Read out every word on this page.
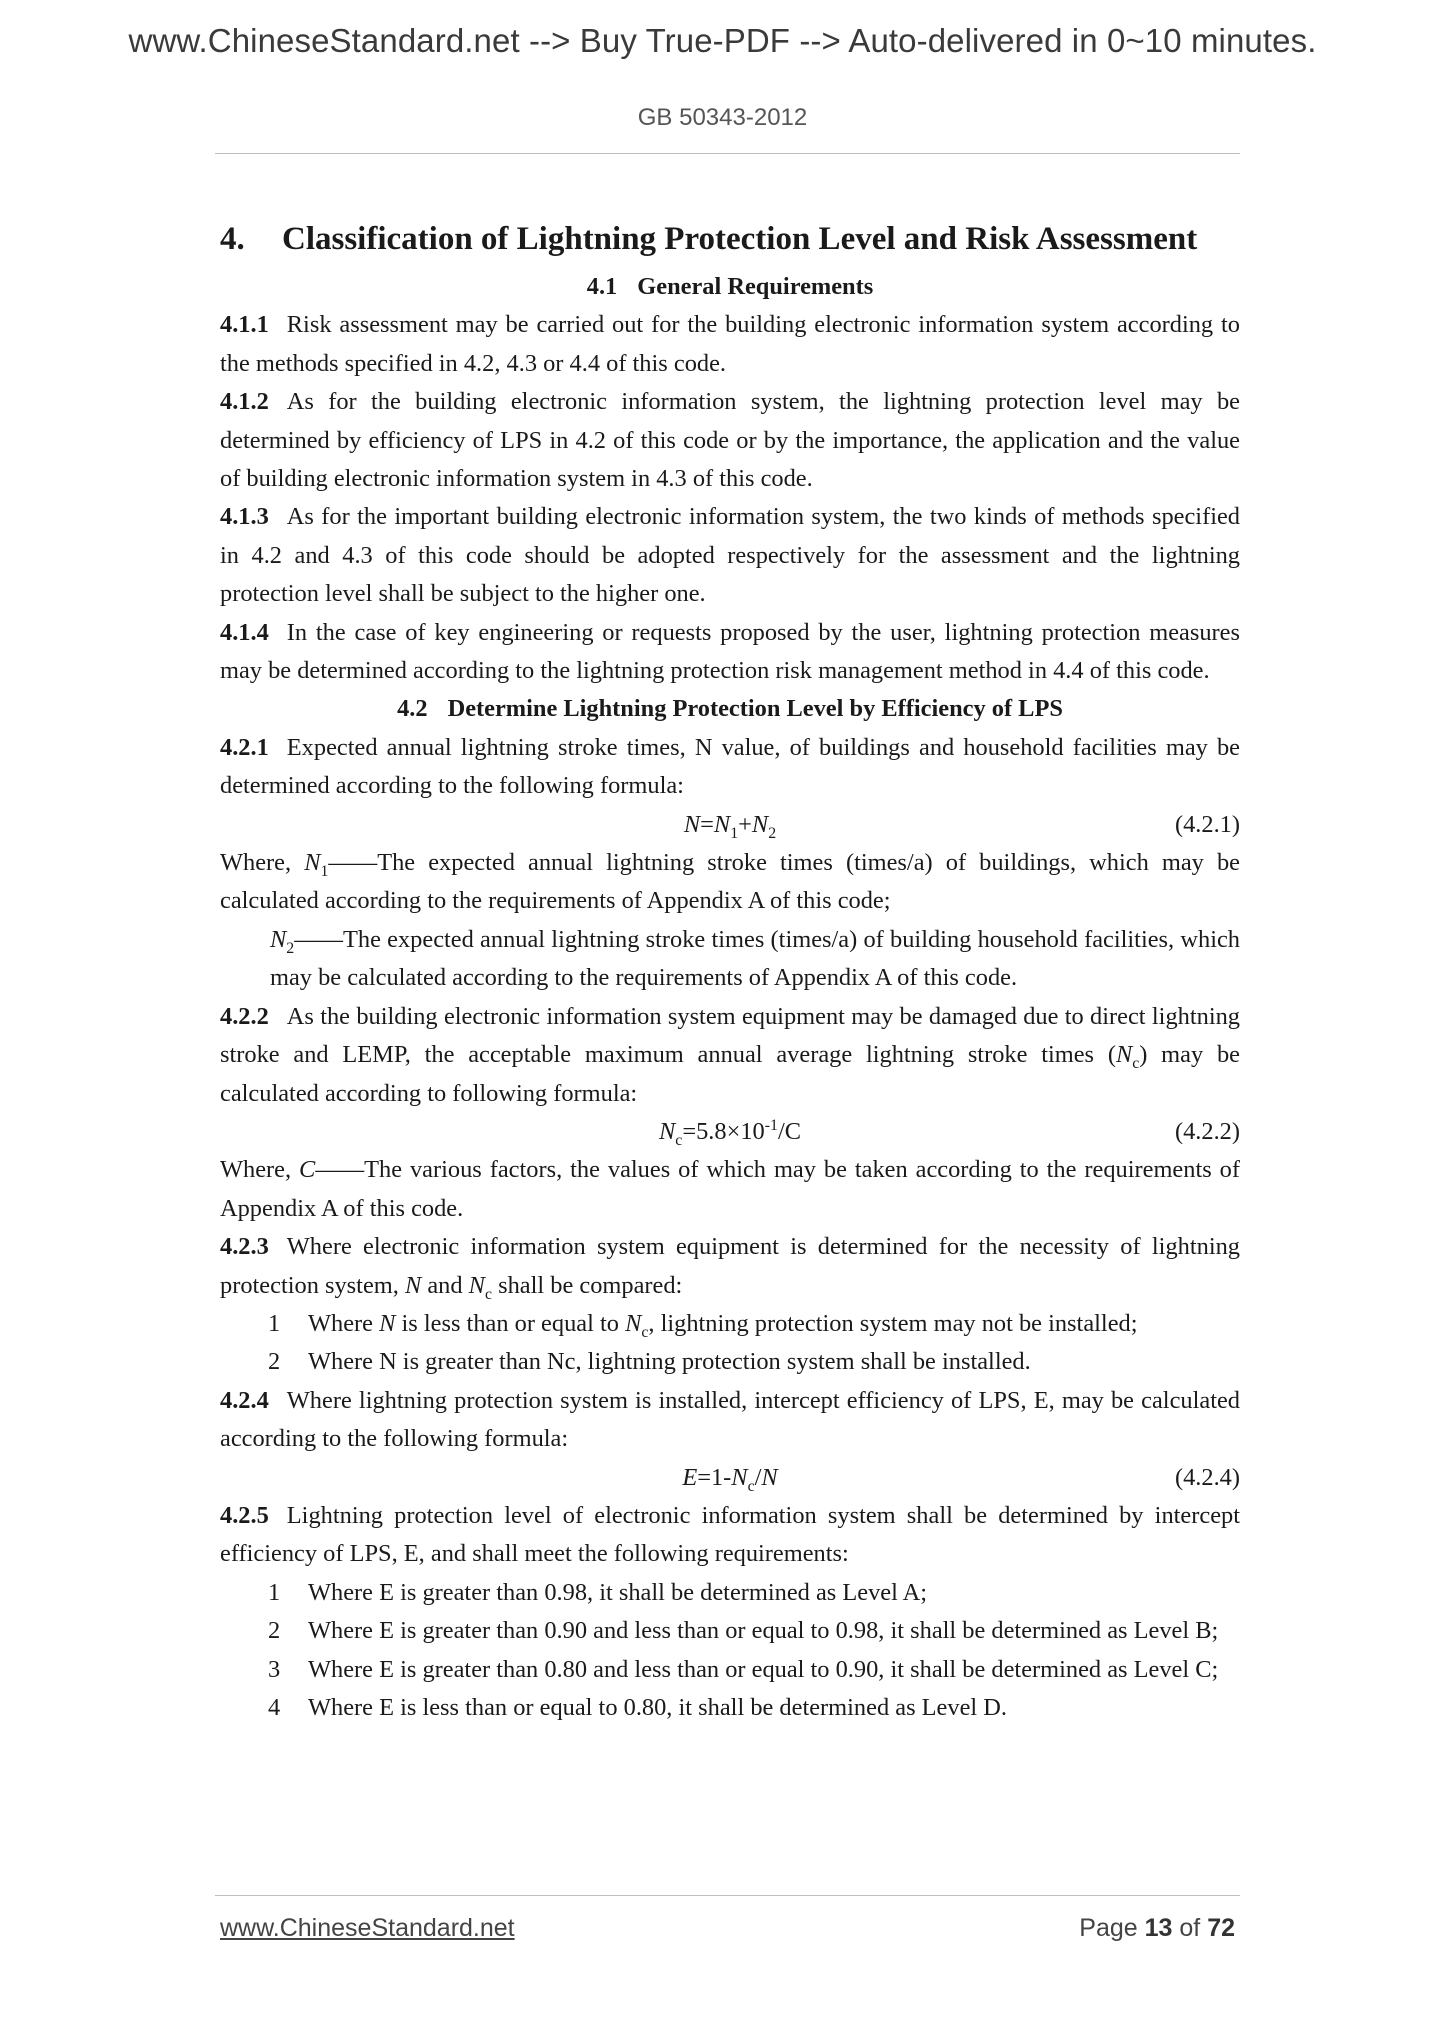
www.ChineseStandard.net --> Buy True-PDF --> Auto-delivered in 0~10 minutes.
GB 50343-2012

4. Classification of Lightning Protection Level and Risk Assessment

4.1 General Requirements

4.1.1 Risk assessment may be carried out for the building electronic information system according to the methods specified in 4.2, 4.3 or 4.4 of this code.

4.1.2 As for the building electronic information system, the lightning protection level may be determined by efficiency of LPS in 4.2 of this code or by the importance, the application and the value of building electronic information system in 4.3 of this code.

4.1.3 As for the important building electronic information system, the two kinds of methods specified in 4.2 and 4.3 of this code should be adopted respectively for the assessment and the lightning protection level shall be subject to the higher one.

4.1.4 In the case of key engineering or requests proposed by the user, lightning protection measures may be determined according to the lightning protection risk management method in 4.4 of this code.

4.2 Determine Lightning Protection Level by Efficiency of LPS

4.2.1 Expected annual lightning stroke times, N value, of buildings and household facilities may be determined according to the following formula:

$N=N_1+N_2$	(4.2.1)

Where, $N_1——The$ expected annual lightning stroke times (times/a) of buildings, which may be calculated according to the requirements of Appendix A of this code;

$N_2——The$ expected annual lightning stroke times (times/a) of building household facilities, which may be calculated according to the requirements of Appendix A of this code.

4.2.2 As the building electronic information system equipment may be damaged due to direct lightning stroke and LEMP, the acceptable maximum annual average lightning stroke times $(N_c)$ may be calculated according to following formula:

$N_c=5.8\times 10^{-1}/C$	(4.2.2)

Where, C——The various factors, the values of which may be taken according to the requirements of Appendix A of this code.

4.2.3 Where electronic information system equipment is determined for the necessity of lightning protection system, N and $N_c$ shall be compared:

1 Where N is less than or equal to $N_c$, lightning protection system may not be installed;

2 Where N is greater than Nc, lightning protection system shall be installed.

4.2.4 Where lightning protection system is installed, intercept efficiency of LPS, E, may be calculated according to the following formula:

$E=1-N_c/N$	(4.2.4)

4.2.5 Lightning protection level of electronic information system shall be determined by intercept efficiency of LPS, E, and shall meet the following requirements:

1 Where E is greater than 0.98, it shall be determined as Level A;

2 Where E is greater than 0.90 and less than or equal to 0.98, it shall be determined as Level B;

3 Where E is greater than 0.80 and less than or equal to 0.90, it shall be determined as Level C;

4 Where E is less than or equal to 0.80, it shall be determined as Level D.

www.ChineseStandard.net	Page 13 of 72
